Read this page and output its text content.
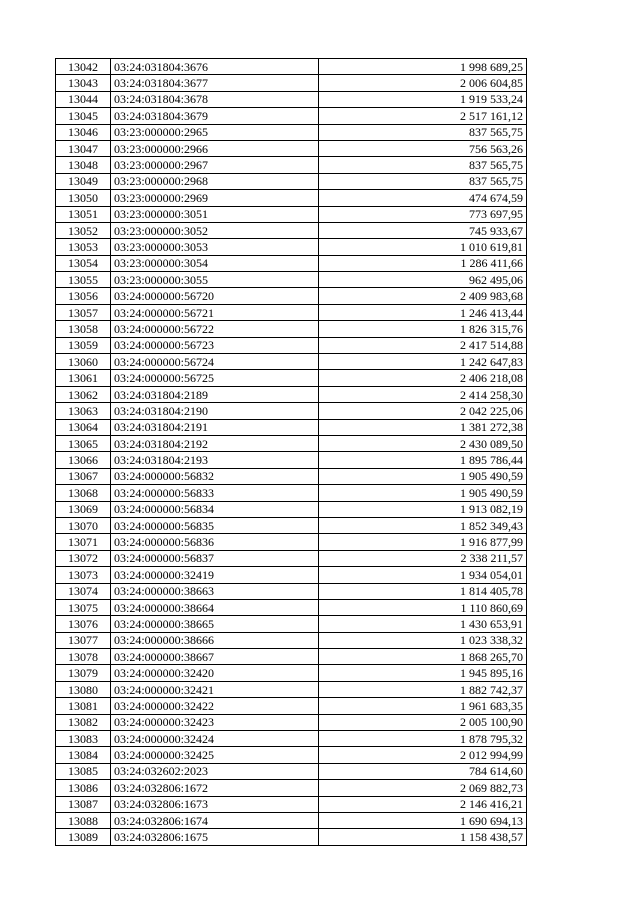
13042	03:24:031804:3676	1 998 689,25
13043	03:24:031804:3677	2 006 604,85
13044	03:24:031804:3678	1 919 533,24
13045	03:24:031804:3679	2 517 161,12
13046	03:23:000000:2965	837 565,75
13047	03:23:000000:2966	756 563,26
13048	03:23:000000:2967	837 565,75
13049	03:23:000000:2968	837 565,75
13050	03:23:000000:2969	474 674,59
13051	03:23:000000:3051	773 697,95
13052	03:23:000000:3052	745 933,67
13053	03:23:000000:3053	1 010 619,81
13054	03:23:000000:3054	1 286 411,66
13055	03:23:000000:3055	962 495,06
13056	03:24:000000:56720	2 409 983,68
13057	03:24:000000:56721	1 246 413,44
13058	03:24:000000:56722	1 826 315,76
13059	03:24:000000:56723	2 417 514,88
13060	03:24:000000:56724	1 242 647,83
13061	03:24:000000:56725	2 406 218,08
13062	03:24:031804:2189	2 414 258,30
13063	03:24:031804:2190	2 042 225,06
13064	03:24:031804:2191	1 381 272,38
13065	03:24:031804:2192	2 430 089,50
13066	03:24:031804:2193	1 895 786,44
13067	03:24:000000:56832	1 905 490,59
13068	03:24:000000:56833	1 905 490,59
13069	03:24:000000:56834	1 913 082,19
13070	03:24:000000:56835	1 852 349,43
13071	03:24:000000:56836	1 916 877,99
13072	03:24:000000:56837	2 338 211,57
13073	03:24:000000:32419	1 934 054,01
13074	03:24:000000:38663	1 814 405,78
13075	03:24:000000:38664	1 110 860,69
13076	03:24:000000:38665	1 430 653,91
13077	03:24:000000:38666	1 023 338,32
13078	03:24:000000:38667	1 868 265,70
13079	03:24:000000:32420	1 945 895,16
13080	03:24:000000:32421	1 882 742,37
13081	03:24:000000:32422	1 961 683,35
13082	03:24:000000:32423	2 005 100,90
13083	03:24:000000:32424	1 878 795,32
13084	03:24:000000:32425	2 012 994,99
13085	03:24:032602:2023	784 614,60
13086	03:24:032806:1672	2 069 882,73
13087	03:24:032806:1673	2 146 416,21
13088	03:24:032806:1674	1 690 694,13
13089	03:24:032806:1675	1 158 438,57
